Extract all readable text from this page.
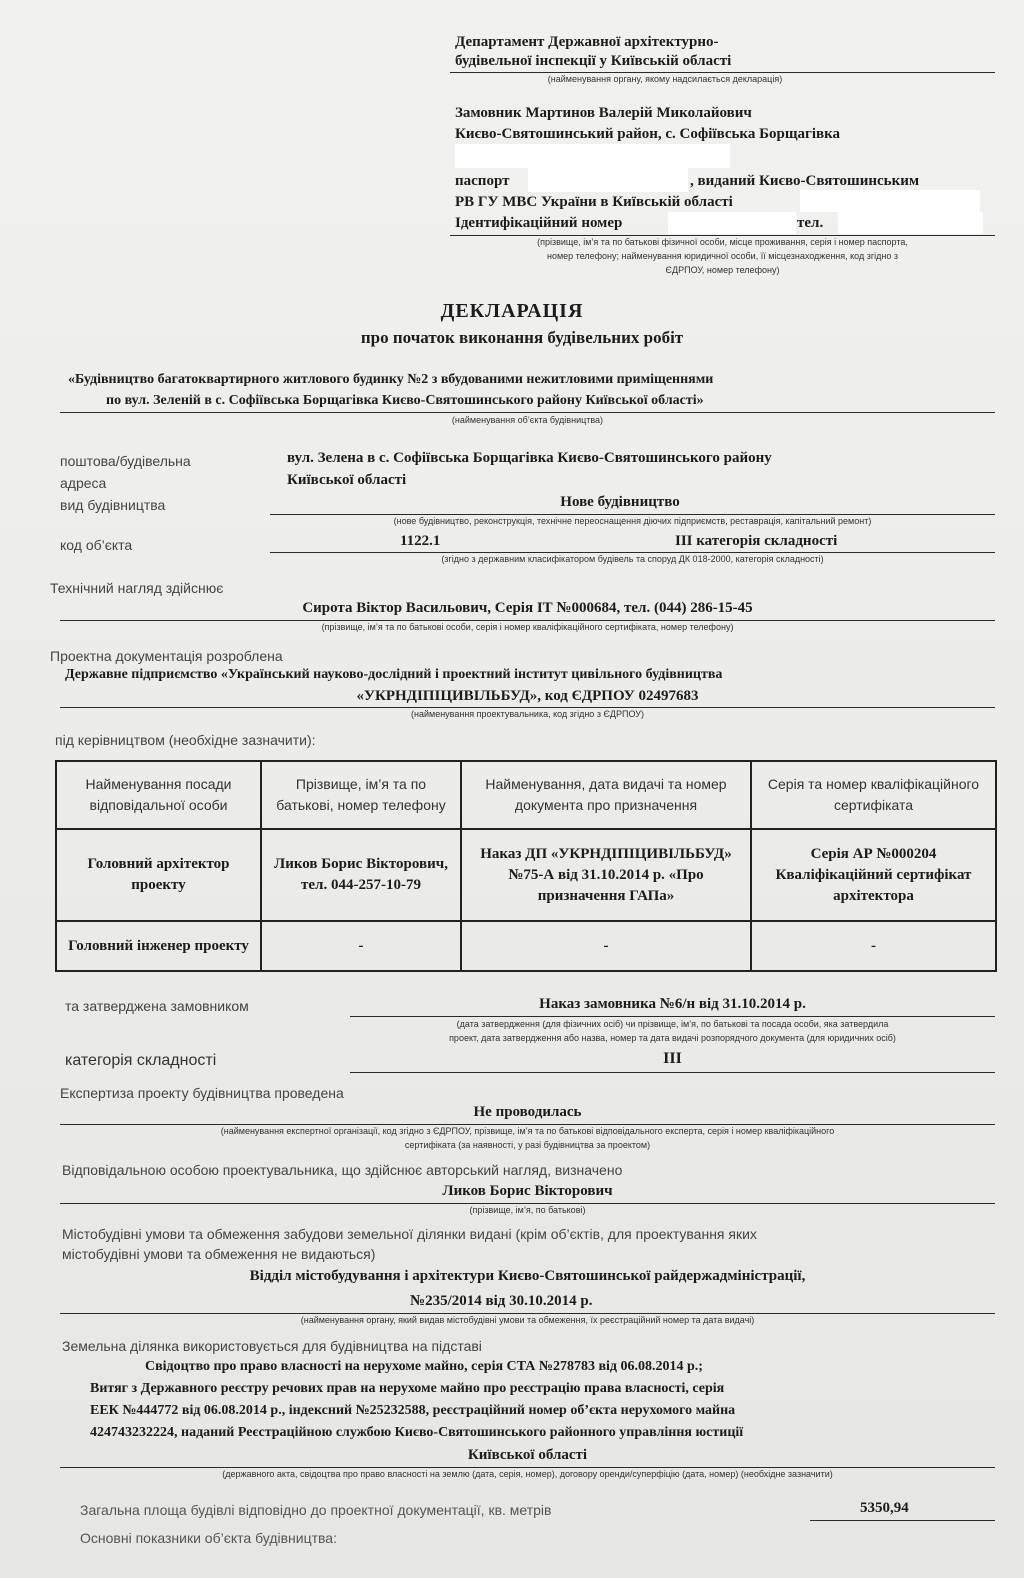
Департамент Державної архітектурно-
будівельної інспекції у Київській області
(найменування органу, якому надсилається декларація)
Замовник Мартинов Валерій Миколайович
Києво-Святошинський район, с. Софіївська Борщагівка
паспорт	, виданий Києво-Святошинським
РВ ГУ МВС України в Київській області
Ідентифікаційний номер	тел.
(прізвище, ім’я та по батькові фізичної особи, місце проживання, серія і номер паспорта,
номер телефону; найменування юридичної особи, її місцезнаходження, код згідно з
ЄДРПОУ, номер телефону)
ДЕКЛАРАЦІЯ
про початок виконання будівельних робіт
«Будівництво багатоквартирного житлового будинку №2 з вбудованими нежитловими приміщеннями
по вул. Зеленій в с. Софіївська Борщагівка Києво-Святошинського району Київської області»
(найменування об’єкта будівництва)
поштова/будівельна
адреса
вул. Зелена в с. Софіївська Борщагівка Києво-Святошинського району
Київської області
вид будівництва	Нове будівництво
(нове будівництво, реконструкція, технічне переоснащення діючих підприємств, реставрація, капітальний ремонт)
код об’єкта	1122.1	ІІІ категорія складності
(згідно з державним класифікатором будівель та споруд ДК 018-2000, категорія складності)
Технічний нагляд здійснює
Сирота Віктор Васильович, Серія ІТ №000684, тел. (044) 286-15-45
(прізвище, ім’я та по батькові особи, серія і номер кваліфікаційного сертифіката, номер телефону)
Проектна документація розроблена
Державне підприємство «Український науково-дослідний і проектний інститут цивільного будівництва
«УКРНДІПІЦИВІЛЬБУД», код ЄДРПОУ 02497683
(найменування проектувальника, код згідно з ЄДРПОУ)
під керівництвом (необхідне зазначити):
Найменування посади відповідальної особи	Прізвище, ім’я та по батькові, номер телефону	Найменування, дата видачі та номер документа про призначення	Серія та номер кваліфікаційного сертифіката
Головний архітектор проекту	Ликов Борис Вікторович, тел. 044-257-10-79	Наказ ДП «УКРНДІПІЦИВІЛЬБУД» №75-А від 31.10.2014 р. «Про призначення ГАПа»	Серія АР №000204 Кваліфікаційний сертифікат архітектора
Головний інженер проекту	-	-	-
та затверджена замовником	Наказ замовника №6/н від 31.10.2014 р.
(дата затвердження (для фізичних осіб) чи прізвище, ім’я, по батькові та посада особи, яка затвердила
проект, дата затвердження або назва, номер та дата видачі розпорядчого документа (для юридичних осіб)
категорія складності	ІІІ
Експертиза проекту будівництва проведена
Не проводилась
(найменування експертної організації, код згідно з ЄДРПОУ, прізвище, ім’я та по батькові відповідального експерта, серія і номер кваліфікаційного
сертифіката (за наявності, у разі будівництва за проектом)
Відповідальною особою проектувальника, що здійснює авторський нагляд, визначено
Ликов Борис Вікторович
(прізвище, ім’я, по батькові)
Містобудівні умови та обмеження забудови земельної ділянки видані (крім об’єктів, для проектування яких
містобудівні умови та обмеження не видаються)
Відділ містобудування і архітектури Києво-Святошинської райдержадміністрації,
№235/2014 від 30.10.2014 р.
(найменування органу, який видав містобудівні умови та обмеження, їх реєстраційний номер та дата видачі)
Земельна ділянка використовується для будівництва на підставі
Свідоцтво про право власності на нерухоме майно, серія СТА №278783 від 06.08.2014 р.;
Витяг з Державного реєстру речових прав на нерухоме майно про реєстрацію права власності, серія
ЕЕК №444772 від 06.08.2014 р., індексний №25232588, реєстраційний номер об’єкта нерухомого майна
424743232224, наданий Реєстраційною службою Києво-Святошинського районного управління юстиції
Київської області
(державного акта, свідоцтва про право власності на землю (дата, серія, номер), договору оренди/суперфіцію (дата, номер) (необхідне зазначити)
Загальна площа будівлі відповідно до проектної документації, кв. метрів	5350,94
Основні показники об’єкта будівництва:
